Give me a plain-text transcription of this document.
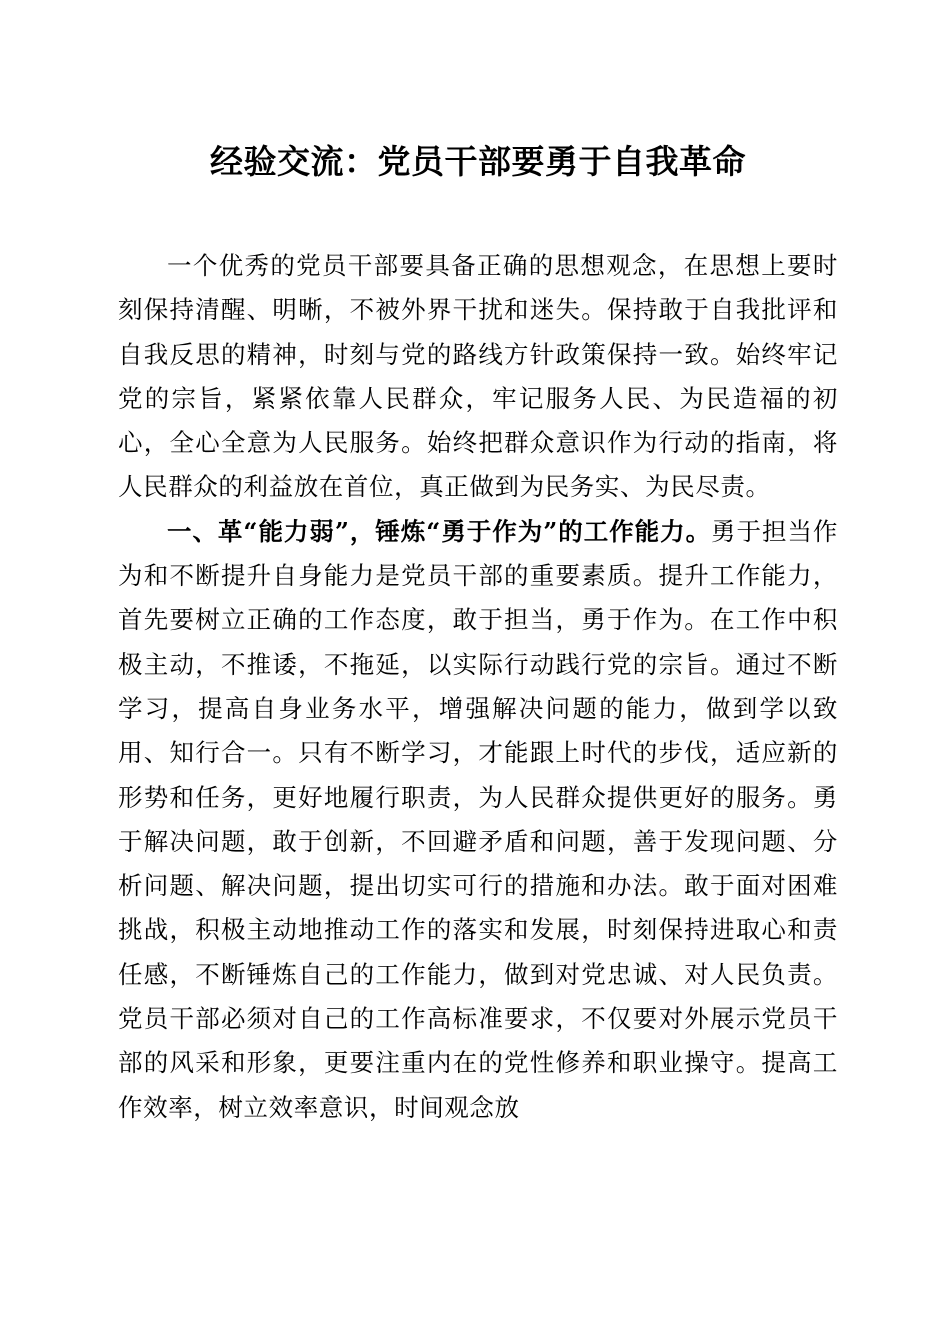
经验交流：党员干部要勇于自我革命

一个优秀的党员干部要具备正确的思想观念，在思想上要时刻保持清醒、明晰，不被外界干扰和迷失。保持敢于自我批评和自我反思的精神，时刻与党的路线方针政策保持一致。始终牢记党的宗旨，紧紧依靠人民群众，牢记服务人民、为民造福的初心，全心全意为人民服务。始终把群众意识作为行动的指南，将人民群众的利益放在首位，真正做到为民务实、为民尽责。

一、革“能力弱”，锤炼“勇于作为”的工作能力。勇于担当作为和不断提升自身能力是党员干部的重要素质。提升工作能力，首先要树立正确的工作态度，敢于担当，勇于作为。在工作中积极主动，不推诿，不拖延，以实际行动践行党的宗旨。通过不断学习，提高自身业务水平，增强解决问题的能力，做到学以致用、知行合一。只有不断学习，才能跟上时代的步伐，适应新的形势和任务，更好地履行职责，为人民群众提供更好的服务。勇于解决问题，敢于创新，不回避矛盾和问题，善于发现问题、分析问题、解决问题，提出切实可行的措施和办法。敢于面对困难挑战，积极主动地推动工作的落实和发展，时刻保持进取心和责任感，不断锤炼自己的工作能力，做到对党忠诚、对人民负责。党员干部必须对自己的工作高标准要求，不仅要对外展示党员干部的风采和形象，更要注重内在的党性修养和职业操守。提高工作效率，树立效率意识，时间观念放
